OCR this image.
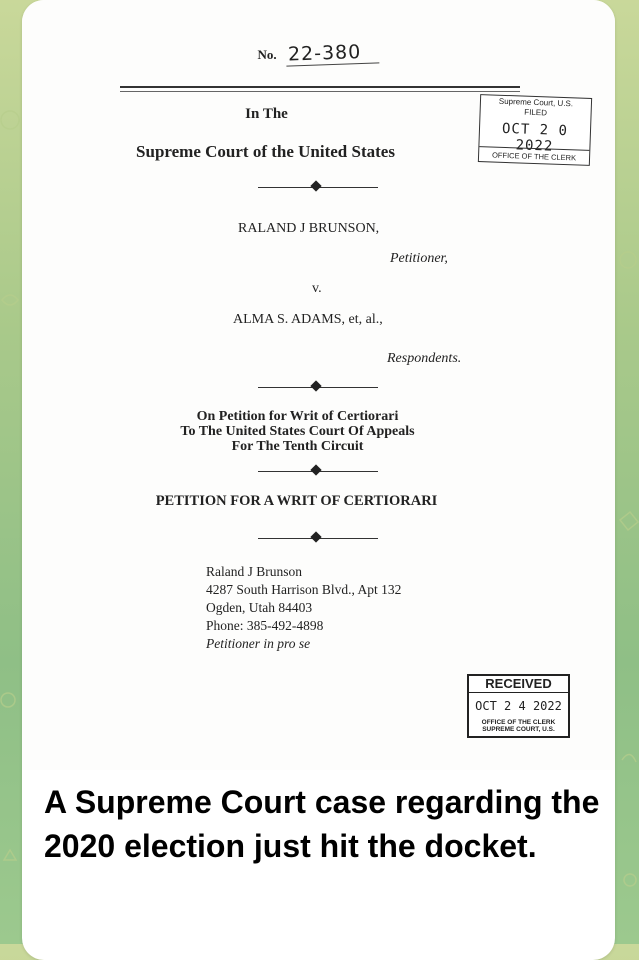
No. 22-380
In The
Supreme Court of the United States
Supreme Court, U.S.
FILED
OCT 2 0 2022
OFFICE OF THE CLERK
RALAND J BRUNSON,
Petitioner,
v.
ALMA S. ADAMS, et, al.,
Respondents.
On Petition for Writ of Certiorari
To The United States Court Of Appeals
For The Tenth Circuit
PETITION FOR A WRIT OF CERTIORARI
Raland J Brunson
4287 South Harrison Blvd., Apt 132
Ogden, Utah 84403
Phone: 385-492-4898
Petitioner in pro se
RECEIVED
OCT 2 4 2022
OFFICE OF THE CLERK
SUPREME COURT, U.S.
A Supreme Court case regarding the 2020 election just hit the docket.
